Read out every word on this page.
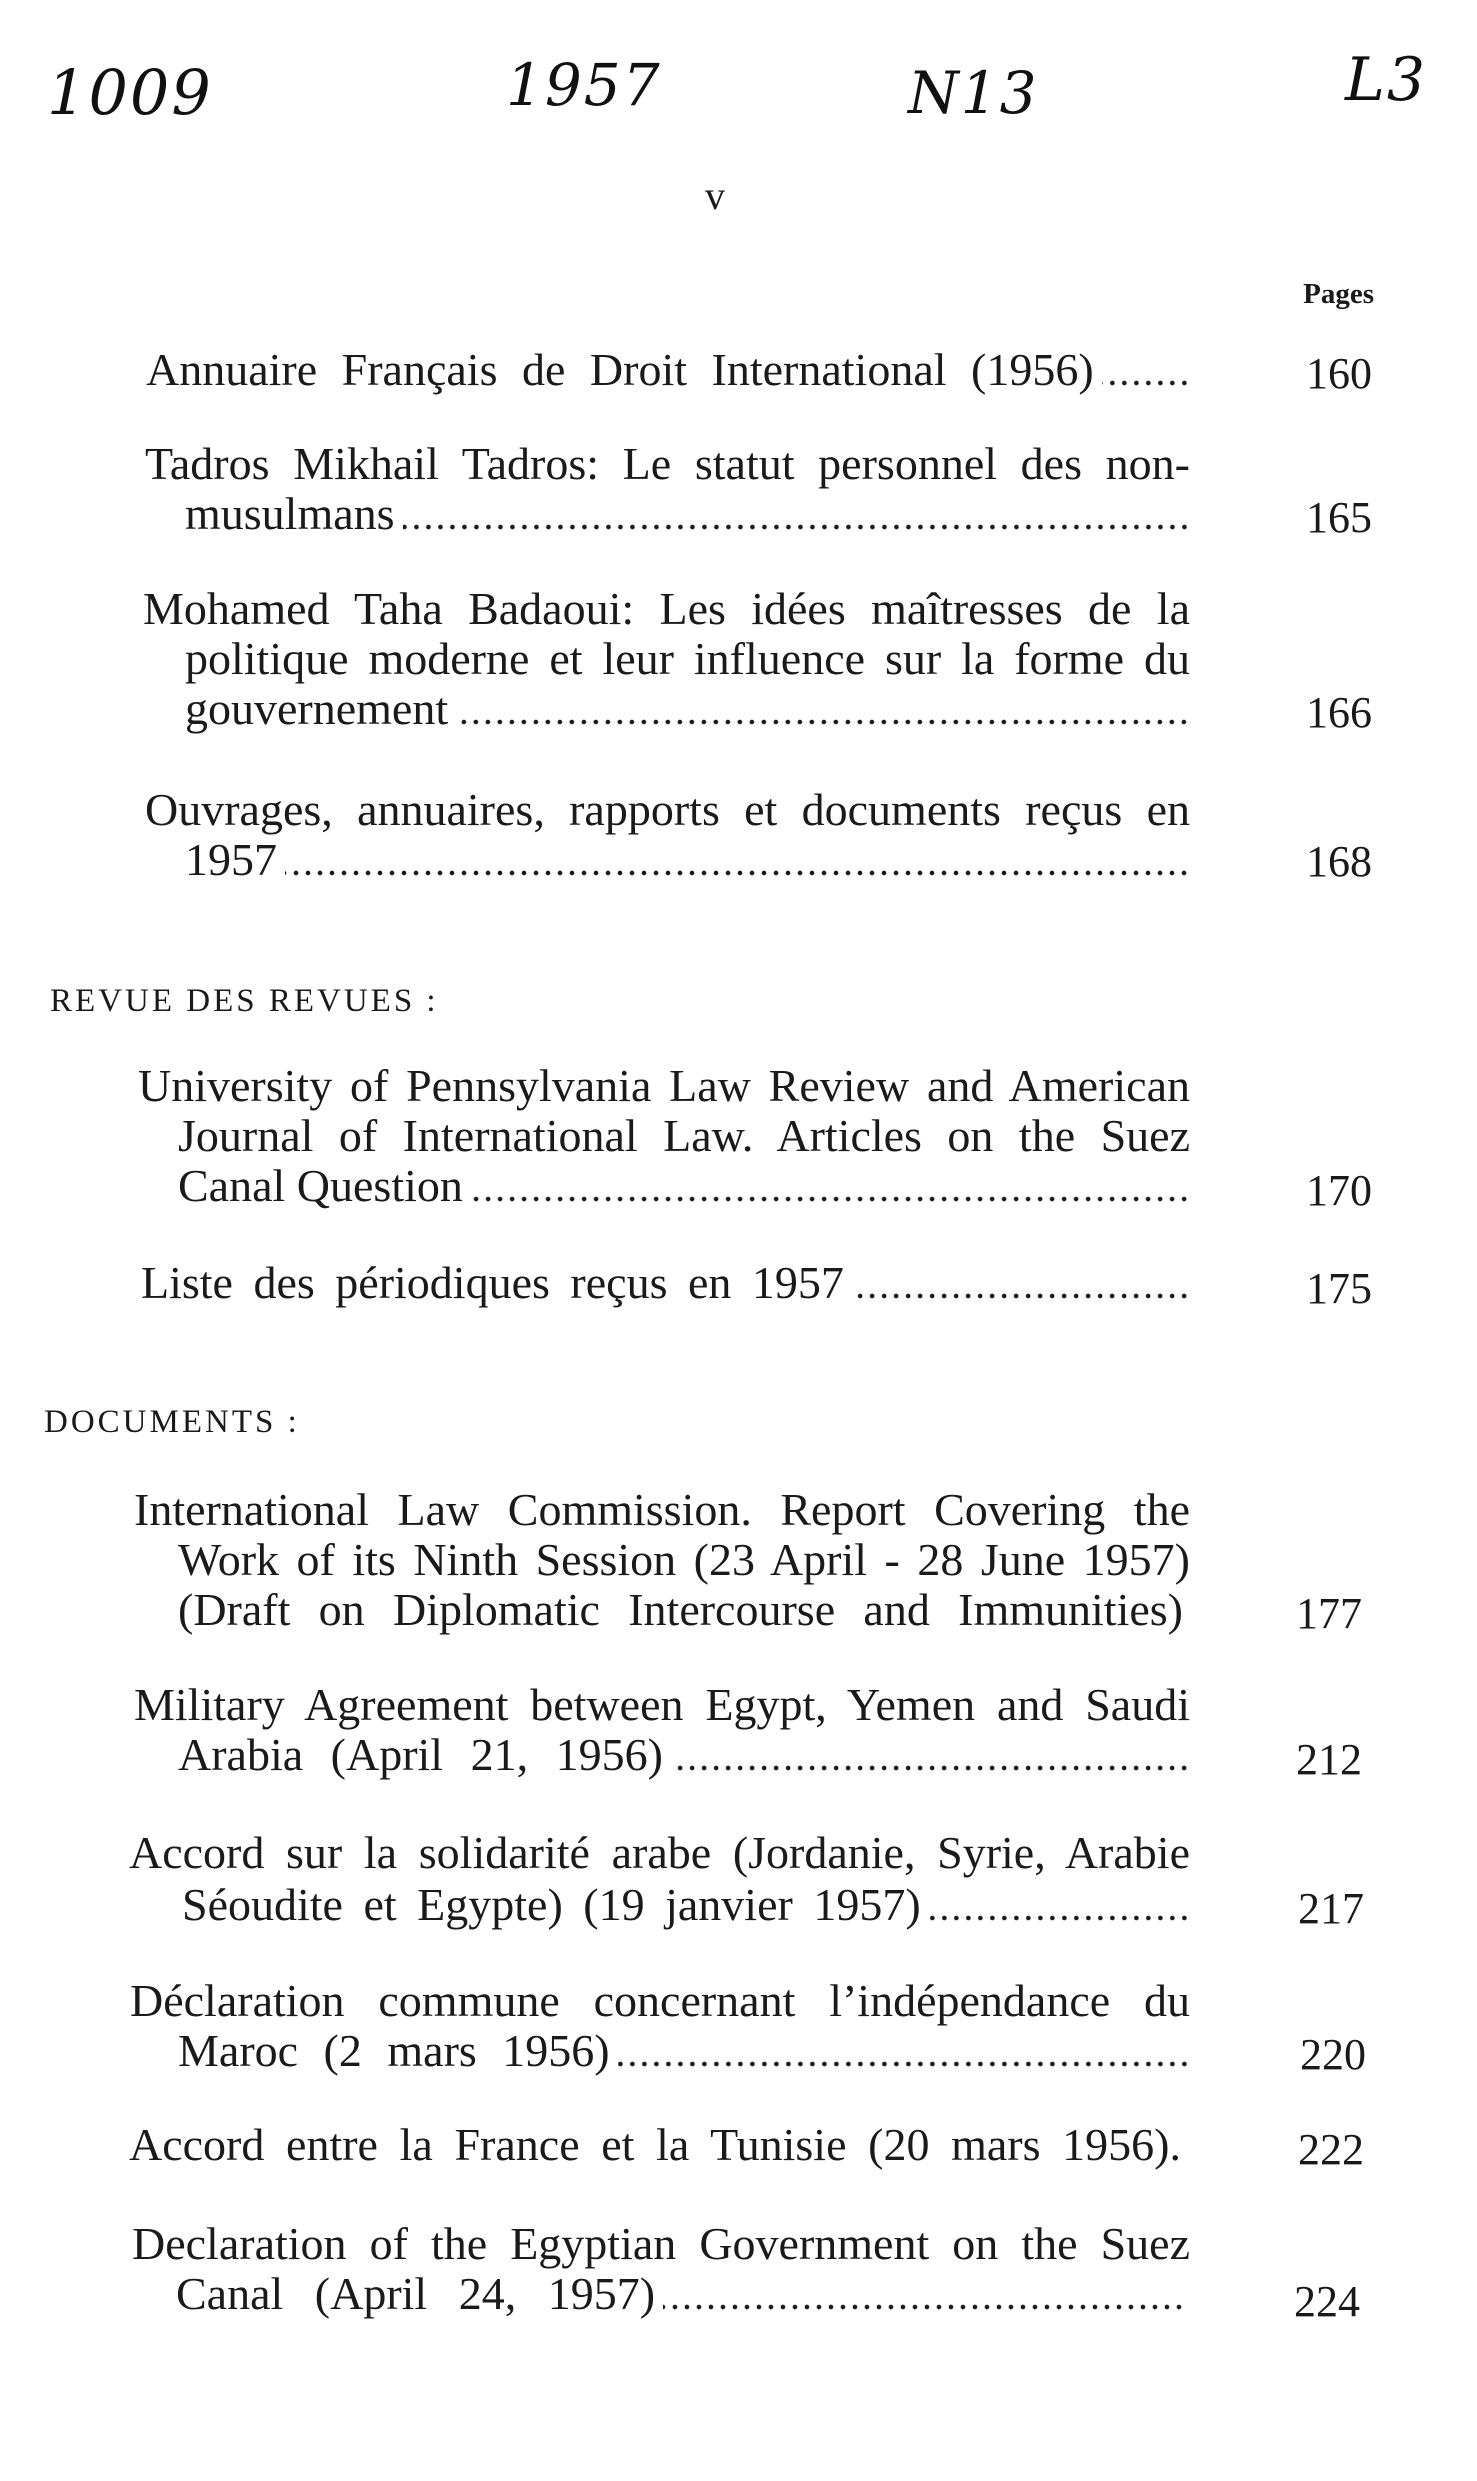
1009	1957	N13	L3
v
Pages
Annuaire Français de Droit International (1956)	160
Tadros Mikhail Tadros: Le statut personnel des non-
musulmans	165
Mohamed Taha Badaoui: Les idées maîtresses de la
politique moderne et leur influence sur la forme du
gouvernement	166
Ouvrages, annuaires, rapports et documents reçus en
1957	168
REVUE DES REVUES :
University of Pennsylvania Law Review and American
Journal of International Law. Articles on the Suez
Canal Question	170
Liste des périodiques reçus en 1957	175
DOCUMENTS :
International Law Commission. Report Covering the
Work of its Ninth Session (23 April - 28 June 1957)
(Draft on Diplomatic Intercourse and Immunities)	177
Military Agreement between Egypt, Yemen and Saudi
Arabia (April 21, 1956)	212
Accord sur la solidarité arabe (Jordanie, Syrie, Arabie
Séoudite et Egypte) (19 janvier 1957)	217
Déclaration commune concernant l’indépendance du
Maroc (2 mars 1956)	220
Accord entre la France et la Tunisie (20 mars 1956).	222
Declaration of the Egyptian Government on the Suez
Canal (April 24, 1957)	224
